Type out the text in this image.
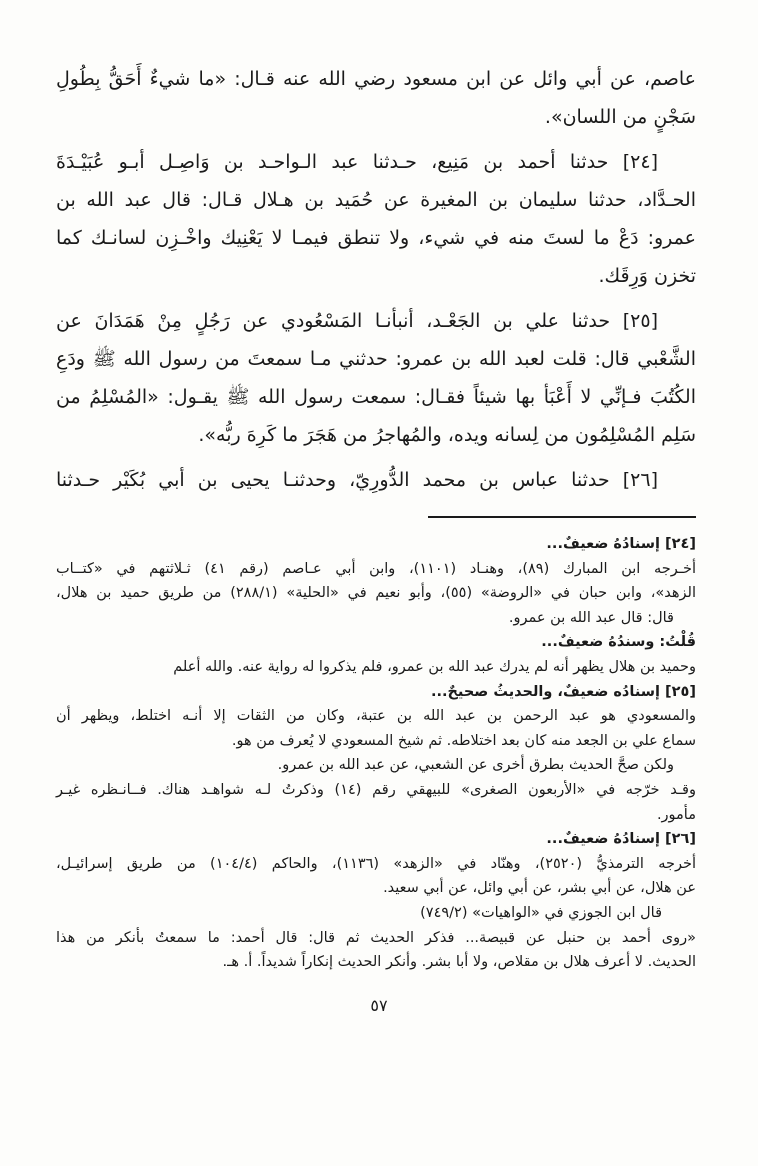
عاصم، عن أبي وائل عن ابن مسعود رضي الله عنه قـال: «ما شيءٌ أَحَقُّ بِطُولِ
سَجْنٍ من اللسان».
[٢٤] حدثنا أحمد بن مَنِيع، حـدثنا عبد الـواحـد بن وَاصِـل أبـو عُبَيْـدَةَ
الحـدَّاد، حدثنا سليمان بن المغيرة عن حُمَيد بن هـلال قـال: قال عبد الله بن
عمرو: دَعْ ما لستَ منه في شيء، ولا تنطق فيمـا لا يَعْنِيك واخْـزِن لسانـك كما
تخزن وَرِقَك.
[٢٥] حدثنا علي بن الجَعْـد، أنبأنـا المَسْعُودي عن رَجُلٍ مِنْ هَمَدَانَ عن
الشَّعْبي قال: قلت لعبد الله بن عمرو: حدثني مـا سمعتَ من رسول الله ﷺ ودَعِ
الكُتُبَ فـإنِّي لا أَعْبَأ بها شيئاً فقـال: سمعت رسول الله ﷺ يقـول: «المُسْلِمُ من
سَلِم المُسْلِمُون من لِسانه ويده، والمُهاجرُ من هَجَرَ ما كَرِهَ ربُّه».
[٢٦] حدثنا عباس بن محمد الدُّورِيّ، وحدثنـا يحيى بن أبي بُكَيْر حـدثنا
[٢٤] إسنادُهُ ضعيفٌ...
أخـرجه ابن المبارك (٨٩)، وهنـاد (١١٠١)، وابن أبي عـاصم (رقم ٤١) ثـلاثتهم في «كتــاب
الزهد»، وابن حبان في «الروضة» (٥٥)، وأبو نعيم في «الحلية» (٢٨٨/١) من طريق حميد بن هلال،
قال: قال عبد الله بن عمرو.
قُلْتُ: وسندُهُ ضعيفٌ...
وحميد بن هلال يظهر أنه لم يدرك عبد الله بن عمرو، فلم يذكروا له رواية عنه. والله أعلم
[٢٥] إسنادُه ضعيفٌ، والحديثُ صحيحٌ...
والمسعودي هو عبد الرحمن بن عبد الله بن عتبة، وكان من الثقات إلا أنـه اختلط، ويظهر أن
سماع علي بن الجعد منه كان بعد اختلاطه. ثم شيخ المسعودي لا يُعرف من هو.
ولكن صحَّ الحديث بطرق أخرى عن الشعبي، عن عبد الله بن عمرو.
وقـد خرّجه في «الأربعون الصغرى» للبيهقي رقم (١٤) وذكرتُ لـه شواهـد هناك. فــانـظره غيـر
مأمور.
[٢٦] إسنادُهُ ضعيفٌ...
أخرجه الترمذيُّ (٢٥٢٠)، وهنّاد في «الزهد» (١١٣٦)، والحاكم (١٠٤/٤) من طريق إسرائيـل،
عن هلال، عن أبي بشر، عن أبي وائل، عن أبي سعيد.
قال ابن الجوزي في «الواهيات» (٧٤٩/٢)
«روى أحمد بن حنبل عن قبيصة... فذكر الحديث ثم قال: قال أحمد: ما سمعتُ بأنكر من هذا
الحديث. لا أعرف هلال بن مقلاص، ولا أبا بشر. وأنكر الحديث إنكاراً شديداً. أ. هـ.
٥٧
